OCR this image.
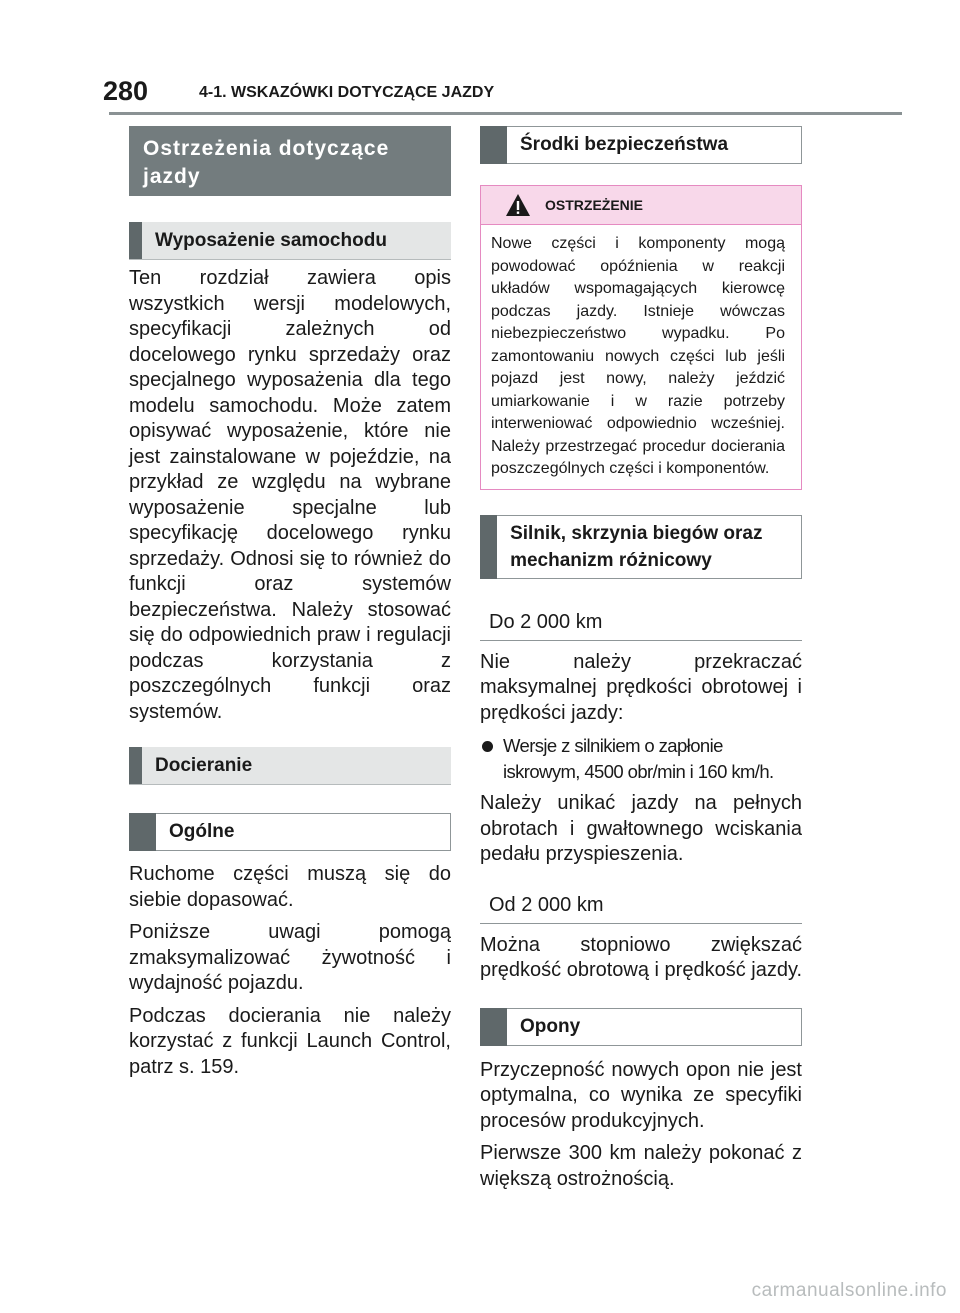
280	4-1. WSKAZÓWKI DOTYCZĄCE JAZDY
Ostrzeżenia dotyczące jazdy
Wyposażenie samochodu

Ten rozdział zawiera opis wszystkich wersji modelowych, specyfikacji zależnych od docelowego rynku sprzedaży oraz specjalnego wyposażenia dla tego modelu samochodu. Może zatem opisywać wyposażenie, które nie jest zainstalowane w pojeździe, na przykład ze względu na wybrane wyposażenie specjalne lub specyfikację docelowego rynku sprzedaży. Odnosi się to również do funkcji oraz systemów bezpieczeństwa. Należy stosować się do odpowiednich praw i regulacji podczas korzystania z poszczególnych funkcji oraz systemów.

Docieranie
Ogólne

Ruchome części muszą się do siebie dopasować.

Poniższe uwagi pomogą zmaksymalizować żywotność i wydajność pojazdu.

Podczas docierania nie należy korzystać z funkcji Launch Control, patrz s. 159.

Środki bezpieczeństwa
OSTRZEŻENIE
Nowe części i komponenty mogą powodować opóźnienia w reakcji układów wspomagających kierowcę podczas jazdy. Istnieje wówczas niebezpieczeństwo wypadku. Po zamontowaniu nowych części lub jeśli pojazd jest nowy, należy jeździć umiarkowanie i w razie potrzeby interweniować odpowiednio wcześniej. Należy przestrzegać procedur docierania poszczególnych części i komponentów.
Silnik, skrzynia biegów oraz mechanizm różnicowy
Do 2 000 km

Nie należy przekraczać maksymalnej prędkości obrotowej i prędkości jazdy:

Wersje z silnikiem o zapłonie iskrowym, 4500 obr/min i 160 km/h.

Należy unikać jazdy na pełnych obrotach i gwałtownego wciskania pedału przyspieszenia.

Od 2 000 km

Można stopniowo zwiększać prędkość obrotową i prędkość jazdy.

Opony

Przyczepność nowych opon nie jest optymalna, co wynika ze specyfiki procesów produkcyjnych.

Pierwsze 300 km należy pokonać z większą ostrożnością.

carmanualsonline.info
